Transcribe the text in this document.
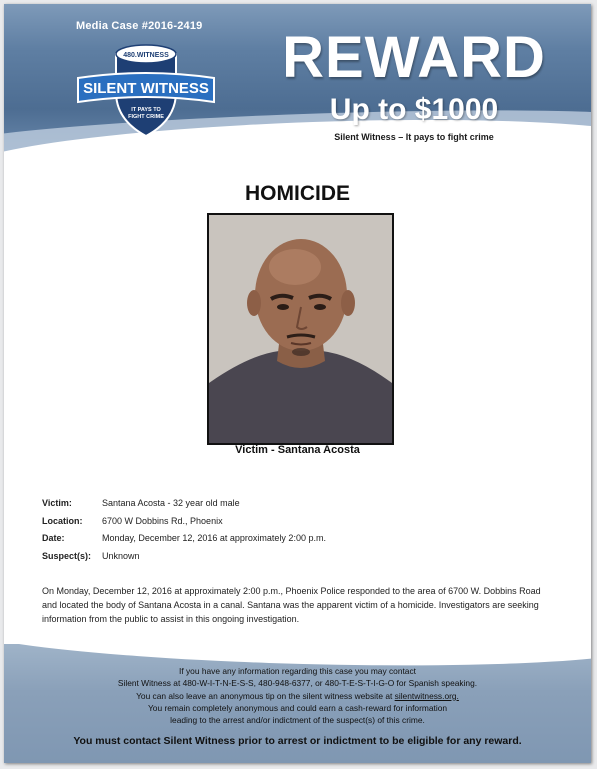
Media Case #2016-2419
480.WITNESS
SILENT WITNESS
IT PAYS TO
FIGHT CRIME
REWARD
Up to $1000
Silent Witness – It pays to fight crime
HOMICIDE
Victim - Santana Acosta
Victim:	Santana Acosta - 32 year old male
Location:	6700 W Dobbins Rd., Phoenix
Date:	Monday, December 12, 2016 at approximately 2:00 p.m.
Suspect(s):	Unknown
On Monday, December 12, 2016 at approximately 2:00 p.m., Phoenix Police responded to the area of 6700 W. Dobbins Road and located the body of Santana Acosta in a canal. Santana was the apparent victim of a homicide. Investigators are seeking information from the public to assist in this ongoing investigation.
If you have any information regarding this case you may contact
Silent Witness at 480-W-I-T-N-E-S-S, 480-948-6377, or 480-T-E-S-T-I-G-O for Spanish speaking.
You can also leave an anonymous tip on the silent witness website at silentwitness.org.
You remain completely anonymous and could earn a cash-reward for information
leading to the arrest and/or indictment of the suspect(s) of this crime.
You must contact Silent Witness prior to arrest or indictment to be eligible for any reward.
